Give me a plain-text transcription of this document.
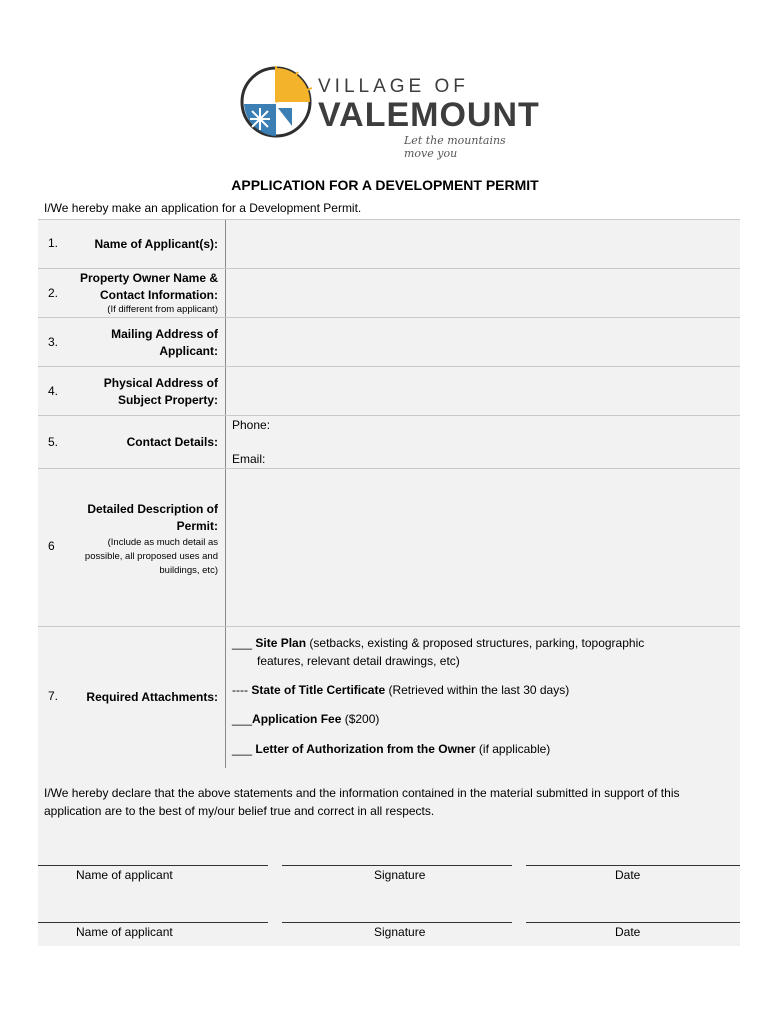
VILLAGE OF
VALEMOUNT
Let the mountains move you
APPLICATION FOR A DEVELOPMENT PERMIT
I/We hereby make an application for a Development Permit.
1.	Name of Applicant(s):
2.
Property Owner Name &
Contact Information:
(If different from applicant)
3.
Mailing Address of
Applicant:
4.
Physical Address of
Subject Property:
5.	Contact Details:
Phone:
Email:
6
Detailed Description of
Permit:
(Include as much detail as
possible, all proposed uses and
buildings, etc)
7. Required Attachments:
___ Site Plan (setbacks, existing & proposed structures, parking, topographic
features, relevant detail drawings, etc)
---- State of Title Certificate (Retrieved within the last 30 days)
___Application Fee ($200)
___ Letter of Authorization from the Owner (if applicable)

I/We hereby declare that the above statements and the information contained in the material submitted in support of this application are to the best of my/our belief true and correct in all respects.

Name of applicant	Signature	Date
Name of applicant	Signature	Date
